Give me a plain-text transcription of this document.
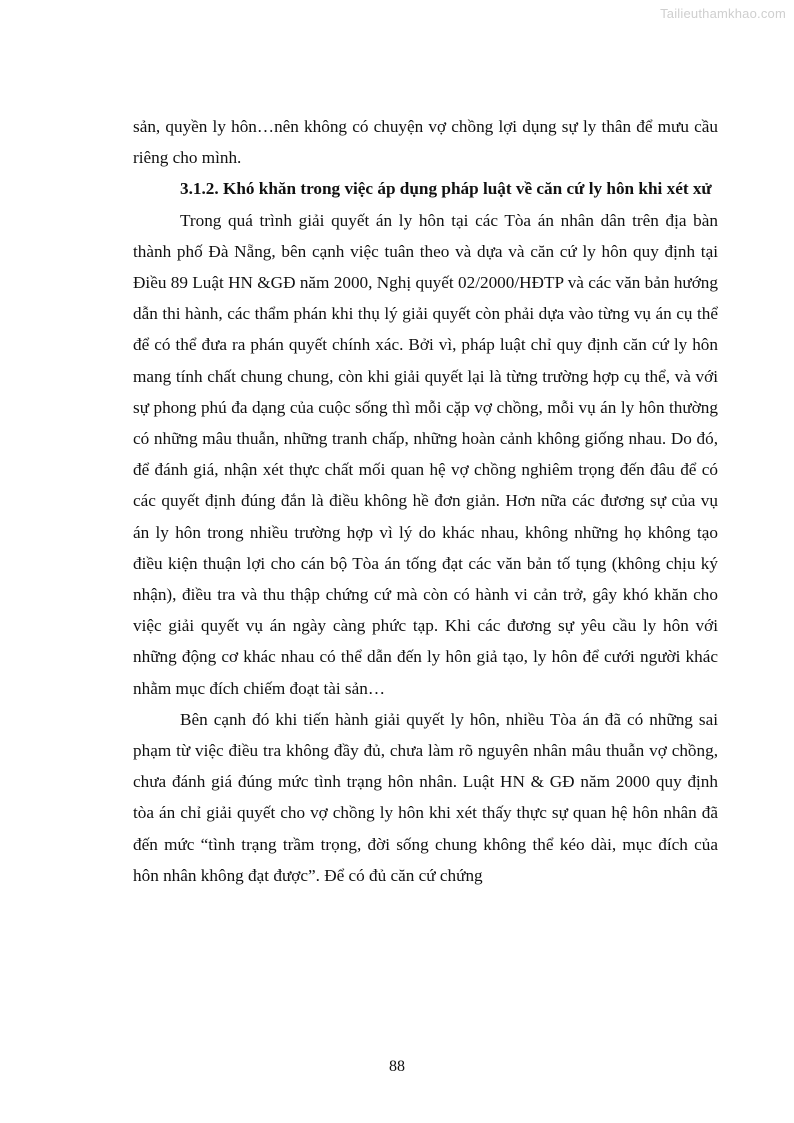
Tailieuthamkhao.com

sản, quyền ly hôn…nên không có chuyện vợ chồng lợi dụng sự ly thân để mưu cầu riêng cho mình.

3.1.2. Khó khăn trong việc áp dụng pháp luật về căn cứ ly hôn khi xét xử

Trong quá trình giải quyết án ly hôn tại các Tòa án nhân dân trên địa bàn thành phố Đà Nẵng, bên cạnh việc tuân theo và dựa và căn cứ ly hôn quy định tại Điều 89 Luật HN &GĐ năm 2000, Nghị quyết 02/2000/HĐTP và các văn bản hướng dẫn thi hành, các thẩm phán khi thụ lý giải quyết còn phải dựa vào từng vụ án cụ thể để có thể đưa ra phán quyết chính xác. Bởi vì, pháp luật chỉ quy định căn cứ ly hôn mang tính chất chung chung, còn khi giải quyết lại là từng trường hợp cụ thể, và với sự phong phú đa dạng của cuộc sống thì mỗi cặp vợ chồng, mỗi vụ án ly hôn thường có những mâu thuẫn, những tranh chấp, những hoàn cảnh không giống nhau. Do đó, để đánh giá, nhận xét thực chất mối quan hệ vợ chồng nghiêm trọng đến đâu để có các quyết định đúng đắn là điều không hề đơn giản. Hơn nữa các đương sự của vụ án ly hôn trong nhiều trường hợp vì lý do khác nhau, không những họ không tạo điều kiện thuận lợi cho cán bộ Tòa án tống đạt các văn bản tố tụng (không chịu ký nhận), điều tra và thu thập chứng cứ mà còn có hành vi cản trở, gây khó khăn cho việc giải quyết vụ án ngày càng phức tạp. Khi các đương sự yêu cầu ly hôn với những động cơ khác nhau có thể dẫn đến ly hôn giả tạo, ly hôn để cưới người khác nhằm mục đích chiếm đoạt tài sản…

Bên cạnh đó khi tiến hành giải quyết ly hôn, nhiều Tòa án đã có những sai phạm từ việc điều tra không đầy đủ, chưa làm rõ nguyên nhân mâu thuẫn vợ chồng, chưa đánh giá đúng mức tình trạng hôn nhân. Luật HN & GĐ năm 2000 quy định tòa án chỉ giải quyết cho vợ chồng ly hôn khi xét thấy thực sự quan hệ hôn nhân đã đến mức “tình trạng trầm trọng, đời sống chung không thể kéo dài, mục đích của hôn nhân không đạt được”. Để có đủ căn cứ chứng

88
